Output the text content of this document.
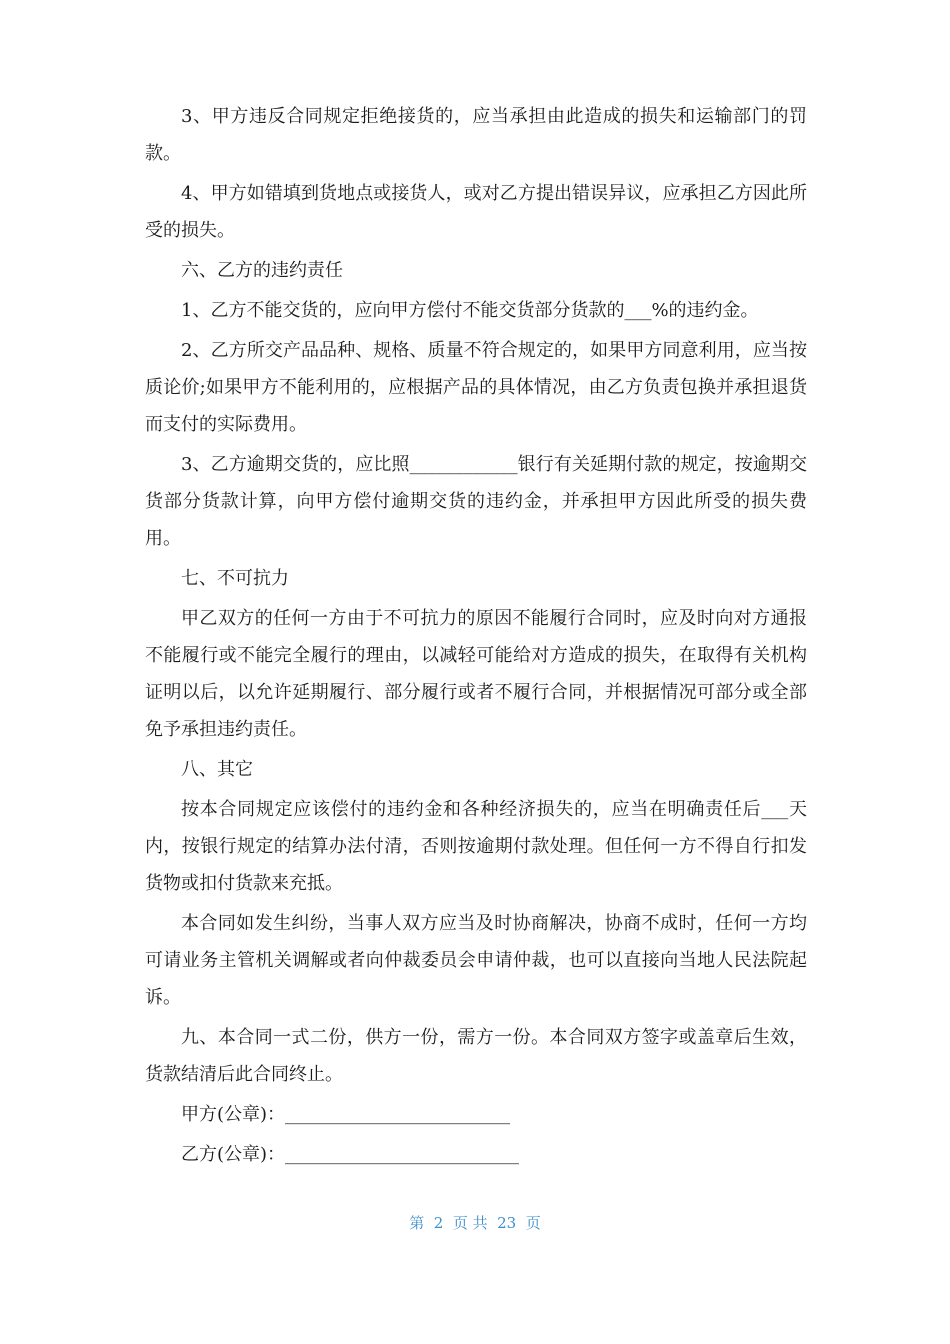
3、甲方违反合同规定拒绝接货的，应当承担由此造成的损失和运输部门的罚款。

4、甲方如错填到货地点或接货人，或对乙方提出错误异议，应承担乙方因此所受的损失。

六、乙方的违约责任

1、乙方不能交货的，应向甲方偿付不能交货部分货款的___%的违约金。

2、乙方所交产品品种、规格、质量不符合规定的，如果甲方同意利用，应当按质论价;如果甲方不能利用的，应根据产品的具体情况，由乙方负责包换并承担退货而支付的实际费用。

3、乙方逾期交货的，应比照____________银行有关延期付款的规定，按逾期交货部分货款计算，向甲方偿付逾期交货的违约金，并承担甲方因此所受的损失费用。

七、不可抗力

甲乙双方的任何一方由于不可抗力的原因不能履行合同时，应及时向对方通报不能履行或不能完全履行的理由，以减轻可能给对方造成的损失，在取得有关机构证明以后，以允许延期履行、部分履行或者不履行合同，并根据情况可部分或全部免予承担违约责任。

八、其它

按本合同规定应该偿付的违约金和各种经济损失的，应当在明确责任后___天内，按银行规定的结算办法付清，否则按逾期付款处理。但任何一方不得自行扣发货物或扣付货款来充抵。

本合同如发生纠纷，当事人双方应当及时协商解决，协商不成时，任何一方均可请业务主管机关调解或者向仲裁委员会申请仲裁，也可以直接向当地人民法院起诉。

九、本合同一式二份，供方一份，需方一份。本合同双方签字或盖章后生效，货款结清后此合同终止。

甲方(公章)：_________________________

乙方(公章)：__________________________

第  2  页 共  23  页
